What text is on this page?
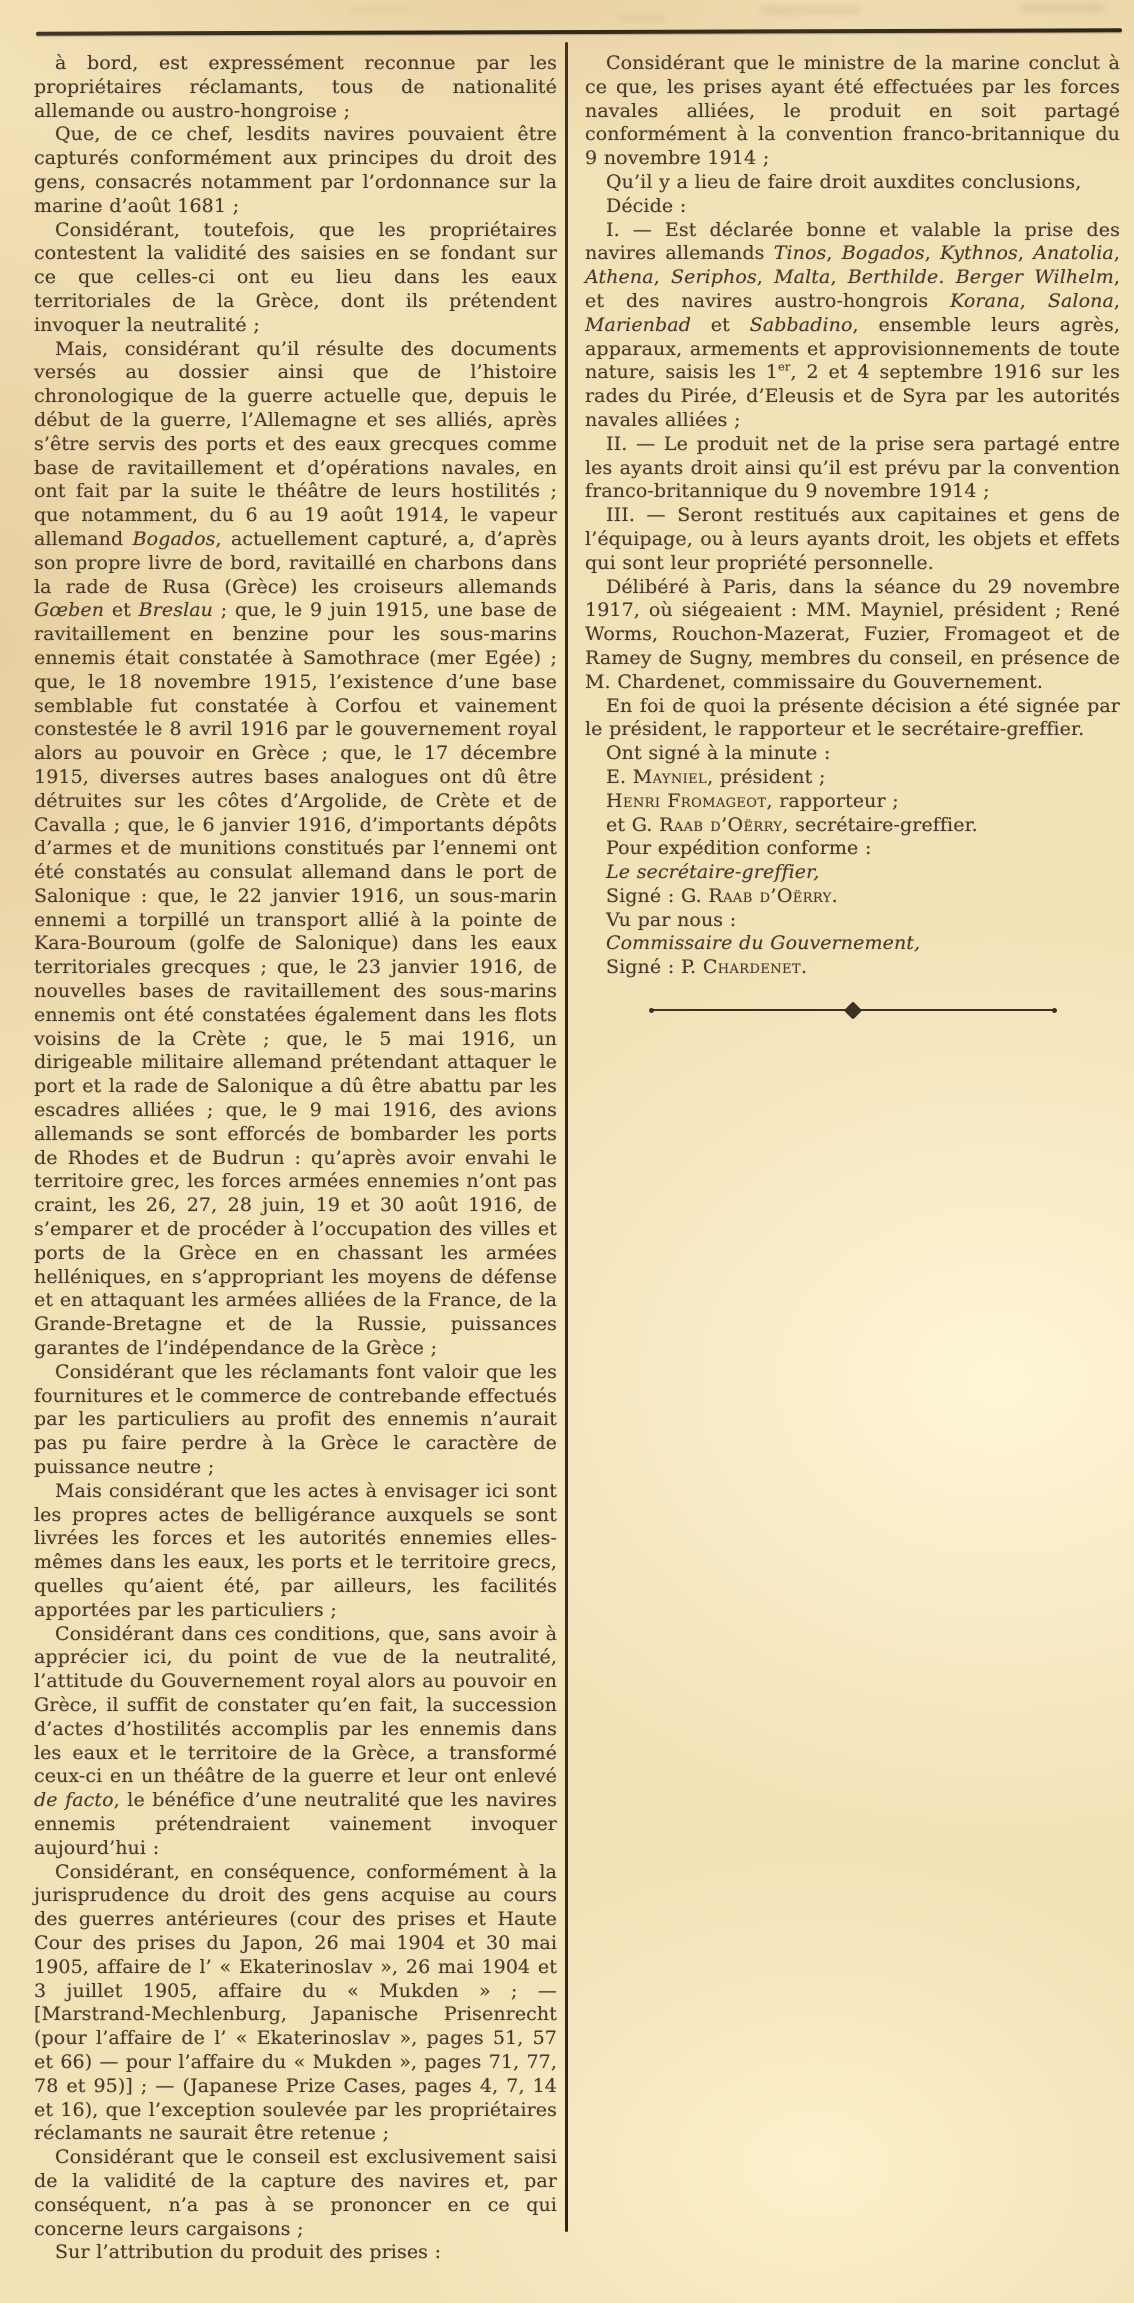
à bord, est expressément reconnue par les propriétaires réclamants, tous de nationalité allemande ou austro-hongroise ;

Que, de ce chef, lesdits navires pouvaient être capturés conformément aux principes du droit des gens, consacrés notamment par l’ordonnance sur la marine d’août 1681 ;

Considérant, toutefois, que les propriétaires contestent la validité des saisies en se fondant sur ce que celles-ci ont eu lieu dans les eaux territoriales de la Grèce, dont ils prétendent invoquer la neutralité ;

Mais, considérant qu’il résulte des documents versés au dossier ainsi que de l’histoire chronologique de la guerre actuelle que, depuis le début de la guerre, l’Allemagne et ses alliés, après s’être servis des ports et des eaux grecques comme base de ravitaillement et d’opérations navales, en ont fait par la suite le théâtre de leurs hostilités ; que notamment, du 6 au 19 août 1914, le vapeur allemand Bogados, actuellement capturé, a, d’après son propre livre de bord, ravitaillé en charbons dans la rade de Rusa (Grèce) les croiseurs allemands Gœben et Breslau ; que, le 9 juin 1915, une base de ravitaillement en benzine pour les sous-marins ennemis était constatée à Samothrace (mer Egée) ; que, le 18 novembre 1915, l’existence d’une base semblable fut constatée à Corfou et vainement constestée le 8 avril 1916 par le gouvernement royal alors au pouvoir en Grèce ; que, le 17 décembre 1915, diverses autres bases analogues ont dû être détruites sur les côtes d’Argolide, de Crète et de Cavalla ; que, le 6 janvier 1916, d’importants dépôts d’armes et de munitions constitués par l’ennemi ont été constatés au consulat allemand dans le port de Salonique : que, le 22 janvier 1916, un sous-marin ennemi a torpillé un transport allié à la pointe de Kara-Bouroum (golfe de Salonique) dans les eaux territoriales grecques ; que, le 23 janvier 1916, de nouvelles bases de ravitaillement des sous-marins ennemis ont été constatées également dans les flots voisins de la Crète ; que, le 5 mai 1916, un dirigeable militaire allemand prétendant attaquer le port et la rade de Salonique a dû être abattu par les escadres alliées ; que, le 9 mai 1916, des avions allemands se sont efforcés de bombarder les ports de Rhodes et de Budrun : qu’après avoir envahi le territoire grec, les forces armées ennemies n’ont pas craint, les 26, 27, 28 juin, 19 et 30 août 1916, de s’emparer et de procéder à l’occupation des villes et ports de la Grèce en en chassant les armées helléniques, en s’appropriant les moyens de défense et en attaquant les armées alliées de la France, de la Grande-Bretagne et de la Russie, puissances garantes de l’indépendance de la Grèce ;

Considérant que les réclamants font valoir que les fournitures et le commerce de contrebande effectués par les particuliers au profit des ennemis n’aurait pas pu faire perdre à la Grèce le caractère de puissance neutre ;

Mais considérant que les actes à envisager ici sont les propres actes de belligérance auxquels se sont livrées les forces et les autorités ennemies elles-mêmes dans les eaux, les ports et le territoire grecs, quelles qu’aient été, par ailleurs, les facilités apportées par les particuliers ;

Considérant dans ces conditions, que, sans avoir à apprécier ici, du point de vue de la neutralité, l’attitude du Gouvernement royal alors au pouvoir en Grèce, il suffit de constater qu’en fait, la succession d’actes d’hostilités accomplis par les ennemis dans les eaux et le territoire de la Grèce, a transformé ceux-ci en un théâtre de la guerre et leur ont enlevé de facto, le bénéfice d’une neutralité que les navires ennemis prétendraient vainement invoquer aujourd’hui :

Considérant, en conséquence, conformément à la jurisprudence du droit des gens acquise au cours des guerres antérieures (cour des prises et Haute Cour des prises du Japon, 26 mai 1904 et 30 mai 1905, affaire de l’ « Ekaterinoslav », 26 mai 1904 et 3 juillet 1905, affaire du « Mukden » ; — [Marstrand-Mechlenburg, Japanische Prisenrecht (pour l’affaire de l’ « Ekaterinoslav », pages 51, 57 et 66) — pour l’affaire du « Mukden », pages 71, 77, 78 et 95)] ; — (Japanese Prize Cases, pages 4, 7, 14 et 16), que l’exception soulevée par les propriétaires réclamants ne saurait être retenue ;

Considérant que le conseil est exclusivement saisi de la validité de la capture des navires et, par conséquent, n’a pas à se prononcer en ce qui concerne leurs cargaisons ;

Sur l’attribution du produit des prises :

Considérant que le ministre de la marine conclut à ce que, les prises ayant été effectuées par les forces navales alliées, le produit en soit partagé conformément à la convention franco-britannique du 9 novembre 1914 ;

Qu’il y a lieu de faire droit auxdites conclusions,

Décide :

I. — Est déclarée bonne et valable la prise des navires allemands Tinos, Bogados, Kythnos, Anatolia, Athena, Seriphos, Malta, Berthilde. Berger Wilhelm, et des navires austro-hongrois Korana, Salona, Marienbad et Sabbadino, ensemble leurs agrès, apparaux, armements et approvisionnements de toute nature, saisis les 1er, 2 et 4 septembre 1916 sur les rades du Pirée, d’Eleusis et de Syra par les autorités navales alliées ;

II. — Le produit net de la prise sera partagé entre les ayants droit ainsi qu’il est prévu par la convention franco-britannique du 9 novembre 1914 ;

III. — Seront restitués aux capitaines et gens de l’équipage, ou à leurs ayants droit, les objets et effets qui sont leur propriété personnelle.

Délibéré à Paris, dans la séance du 29 novembre 1917, où siégeaient : MM. Mayniel, président ; René Worms, Rouchon-Mazerat, Fuzier, Fromageot et de Ramey de Sugny, membres du conseil, en présence de M. Chardenet, commissaire du Gouvernement.

En foi de quoi la présente décision a été signée par le président, le rapporteur et le secrétaire-greffier.

Ont signé à la minute :

E. Mayniel, président ;

Henri Fromageot, rapporteur ;

et G. Raab d’Oërry, secrétaire-greffier.

Pour expédition conforme :

Le secrétaire-greffier,

Signé : G. Raab d’Oërry.

Vu par nous :

Commissaire du Gouvernement,

Signé : P. Chardenet.
